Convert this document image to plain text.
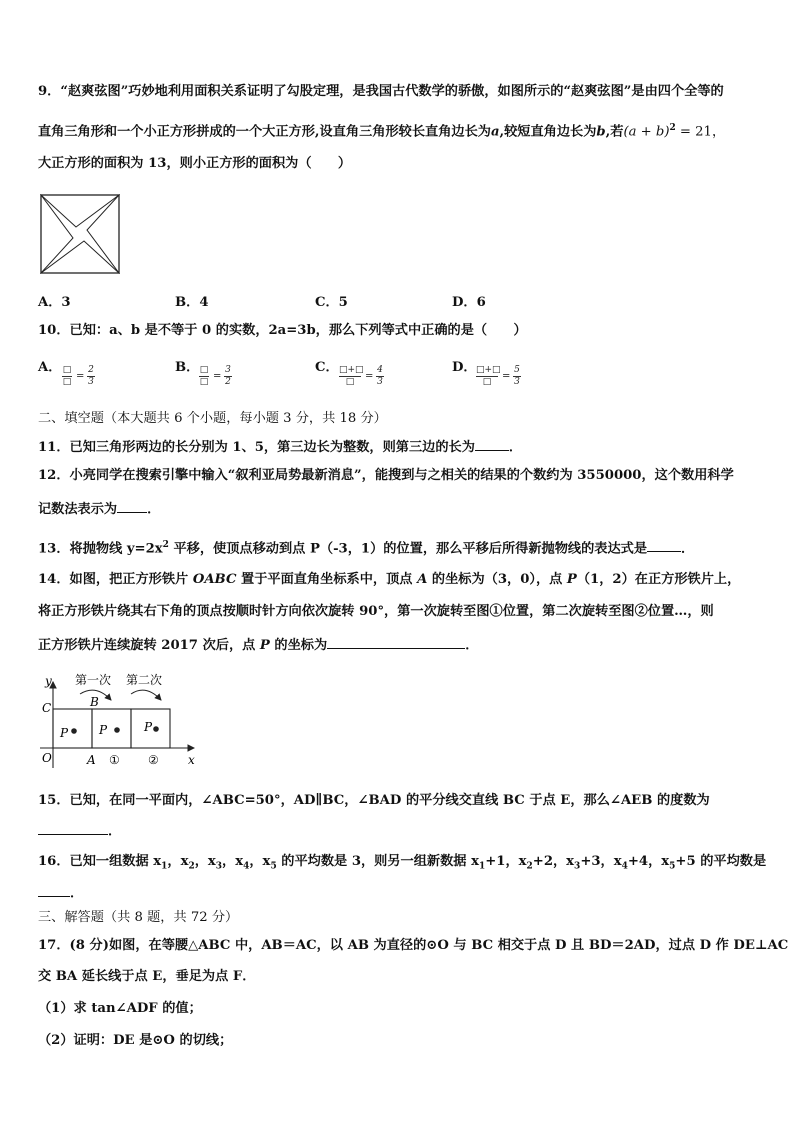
9．“赵爽弦图”巧妙地利用面积关系证明了勾股定理，是我国古代数学的骄傲，如图所示的“赵爽弦图”是由四个全等的
直角三角形和一个小正方形拼成的一个大正方形,设直角三角形较长直角边长为a,较短直角边长为b,若$(a + b)^2 = 21$，
大正方形的面积为 13，则小正方形的面积为（　　）
A．3	B．4	C．5	D．6
10．已知：a、b 是不等于 0 的实数，2a=3b，那么下列等式中正确的是（　　）
A． □
□ =
2
3
B． □
□ =
3
2
C． □+□
□	=
4
3
D． □+□
□	=
5
3
二、填空题（本大题共 6 个小题，每小题 3 分，共 18 分）
11．已知三角形两边的长分别为 1、5，第三边长为整数，则第三边的长为	．
12．小亮同学在搜索引擎中输入“叙利亚局势最新消息”，能搜到与之相关的结果的个数约为 3550000，这个数用科学
记数法表示为 ．
13．将抛物线 $y=2x^2$ 平移，使顶点移动到点 P（-3，1）的位置，那么平移后所得新抛物线的表达式是	．
14．如图，把正方形铁片 OABC 置于平面直角坐标系中，顶点 A 的坐标为（3，0），点 P（1，2）在正方形铁片上，
将正方形铁片绕其右下角的顶点按顺时针方向依次旋转 90°，第一次旋转至图①位置，第二次旋转至图②位置…，则
正方形铁片连续旋转 2017 次后，点 P 的坐标为	．
y
x
C
O	A
B
P	P	P
第一次 第二次
① ②
15．已知，在同一平面内，∠ABC=50°，AD∥BC，∠BAD 的平分线交直线 BC 于点 E，那么∠AEB 的度数为
．
16．已知一组数据 $x_1$，$x_2$，$x_3$，$x_4$，$x_5$ 的平均数是 3，则另一组新数据 $x_1+1$，$x_2+2$，$x_3+3$，$x_4+4$，$x_5+5$ 的平均数是
．
三、解答题（共 8 题，共 72 分）
17．(8 分)如图，在等腰△ABC 中，AB＝AC，以 AB 为直径的⊙O 与 BC 相交于点 D 且 BD＝2AD，过点 D 作 DE⊥AC
交 BA 延长线于点 E，垂足为点 F．
（1）求 tan∠ADF 的值；
（2）证明：DE 是⊙O 的切线；
